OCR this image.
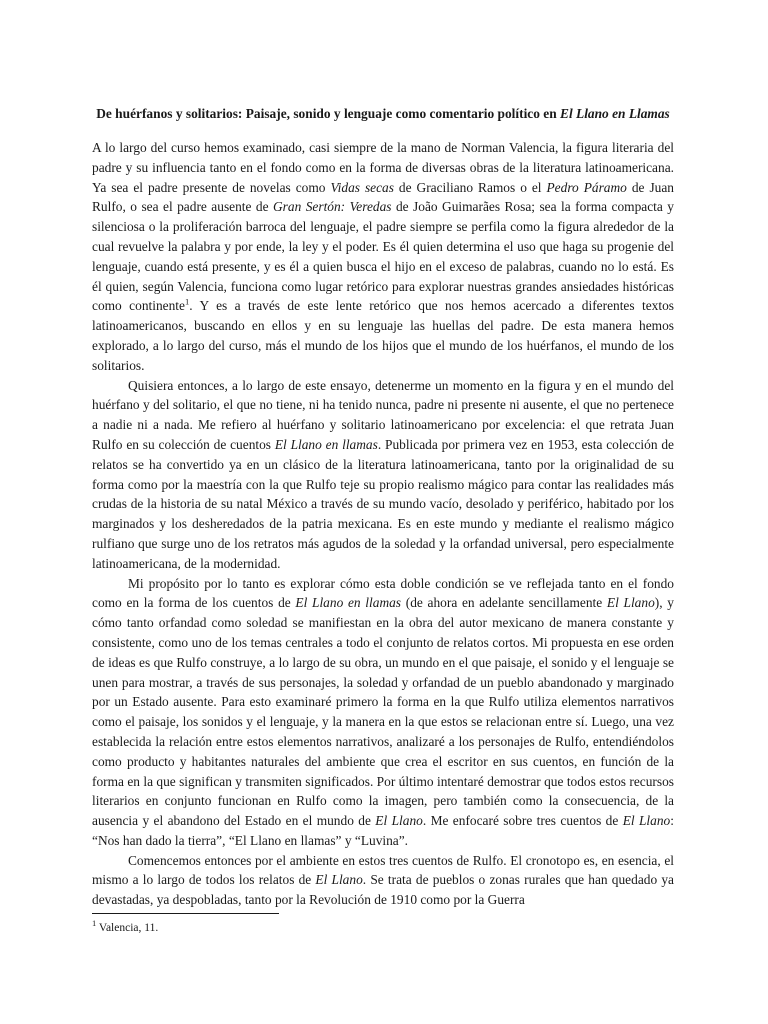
De huérfanos y solitarios: Paisaje, sonido y lenguaje como comentario político en El Llano en Llamas

A lo largo del curso hemos examinado, casi siempre de la mano de Norman Valencia, la figura literaria del padre y su influencia tanto en el fondo como en la forma de diversas obras de la literatura latinoamericana. Ya sea el padre presente de novelas como Vidas secas de Graciliano Ramos o el Pedro Páramo de Juan Rulfo, o sea el padre ausente de Gran Sertón: Veredas de João Guimarães Rosa; sea la forma compacta y silenciosa o la proliferación barroca del lenguaje, el padre siempre se perfila como la figura alrededor de la cual revuelve la palabra y por ende, la ley y el poder. Es él quien determina el uso que haga su progenie del lenguaje, cuando está presente, y es él a quien busca el hijo en el exceso de palabras, cuando no lo está. Es él quien, según Valencia, funciona como lugar retórico para explorar nuestras grandes ansiedades históricas como continente$^1$. Y es a través de este lente retórico que nos hemos acercado a diferentes textos latinoamericanos, buscando en ellos y en su lenguaje las huellas del padre. De esta manera hemos explorado, a lo largo del curso, más el mundo de los hijos que el mundo de los huérfanos, el mundo de los solitarios.

Quisiera entonces, a lo largo de este ensayo, detenerme un momento en la figura y en el mundo del huérfano y del solitario, el que no tiene, ni ha tenido nunca, padre ni presente ni ausente, el que no pertenece a nadie ni a nada. Me refiero al huérfano y solitario latinoamericano por excelencia: el que retrata Juan Rulfo en su colección de cuentos El Llano en llamas. Publicada por primera vez en 1953, esta colección de relatos se ha convertido ya en un clásico de la literatura latinoamericana, tanto por la originalidad de su forma como por la maestría con la que Rulfo teje su propio realismo mágico para contar las realidades más crudas de la historia de su natal México a través de su mundo vacío, desolado y periférico, habitado por los marginados y los desheredados de la patria mexicana. Es en este mundo y mediante el realismo mágico rulfiano que surge uno de los retratos más agudos de la soledad y la orfandad universal, pero especialmente latinoamericana, de la modernidad.

Mi propósito por lo tanto es explorar cómo esta doble condición se ve reflejada tanto en el fondo como en la forma de los cuentos de El Llano en llamas (de ahora en adelante sencillamente El Llano), y cómo tanto orfandad como soledad se manifiestan en la obra del autor mexicano de manera constante y consistente, como uno de los temas centrales a todo el conjunto de relatos cortos. Mi propuesta en ese orden de ideas es que Rulfo construye, a lo largo de su obra, un mundo en el que paisaje, el sonido y el lenguaje se unen para mostrar, a través de sus personajes, la soledad y orfandad de un pueblo abandonado y marginado por un Estado ausente. Para esto examinaré primero la forma en la que Rulfo utiliza elementos narrativos como el paisaje, los sonidos y el lenguaje, y la manera en la que estos se relacionan entre sí. Luego, una vez establecida la relación entre estos elementos narrativos, analizaré a los personajes de Rulfo, entendiéndolos como producto y habitantes naturales del ambiente que crea el escritor en sus cuentos, en función de la forma en la que significan y transmiten significados. Por último intentaré demostrar que todos estos recursos literarios en conjunto funcionan en Rulfo como la imagen, pero también como la consecuencia, de la ausencia y el abandono del Estado en el mundo de El Llano. Me enfocaré sobre tres cuentos de El Llano: “Nos han dado la tierra”, “El Llano en llamas” y “Luvina”.

Comencemos entonces por el ambiente en estos tres cuentos de Rulfo. El cronotopo es, en esencia, el mismo a lo largo de todos los relatos de El Llano. Se trata de pueblos o zonas rurales que han quedado ya devastadas, ya despobladas, tanto por la Revolución de 1910 como por la Guerra

$^1$ Valencia, 11.
